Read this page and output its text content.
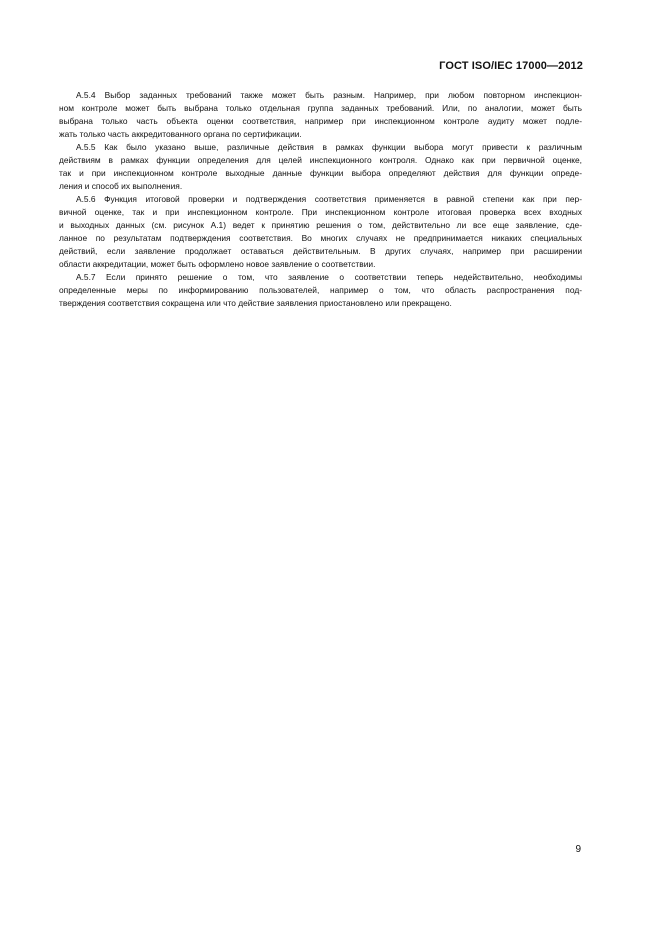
ГОСТ ISO/IEC 17000—2012
А.5.4 Выбор заданных требований также может быть разным. Например, при любом повторном инспекцион-
ном контроле может быть выбрана только отдельная группа заданных требований. Или, по аналогии, может быть
выбрана только часть объекта оценки соответствия, например при инспекционном контроле аудиту может подле-
жать только часть аккредитованного органа по сертификации.
А.5.5 Как было указано выше, различные действия в рамках функции выбора могут привести к различным
действиям в рамках функции определения для целей инспекционного контроля. Однако как при первичной оценке,
так и при инспекционном контроле выходные данные функции выбора определяют действия для функции опреде-
ления и способ их выполнения.
А.5.6 Функция итоговой проверки и подтверждения соответствия применяется в равной степени как при пер-
вичной оценке, так и при инспекционном контроле. При инспекционном контроле итоговая проверка всех входных
и выходных данных (см. рисунок А.1) ведет к принятию решения о том, действительно ли все еще заявление, сде-
ланное по результатам подтверждения соответствия. Во многих случаях не предпринимается никаких специальных
действий, если заявление продолжает оставаться действительным. В других случаях, например при расширении
области аккредитации, может быть оформлено новое заявление о соответствии.
А.5.7 Если принято решение о том, что заявление о соответствии теперь недействительно, необходимы
определенные меры по информированию пользователей, например о том, что область распространения под-
тверждения соответствия сокращена или что действие заявления приостановлено или прекращено.
9
